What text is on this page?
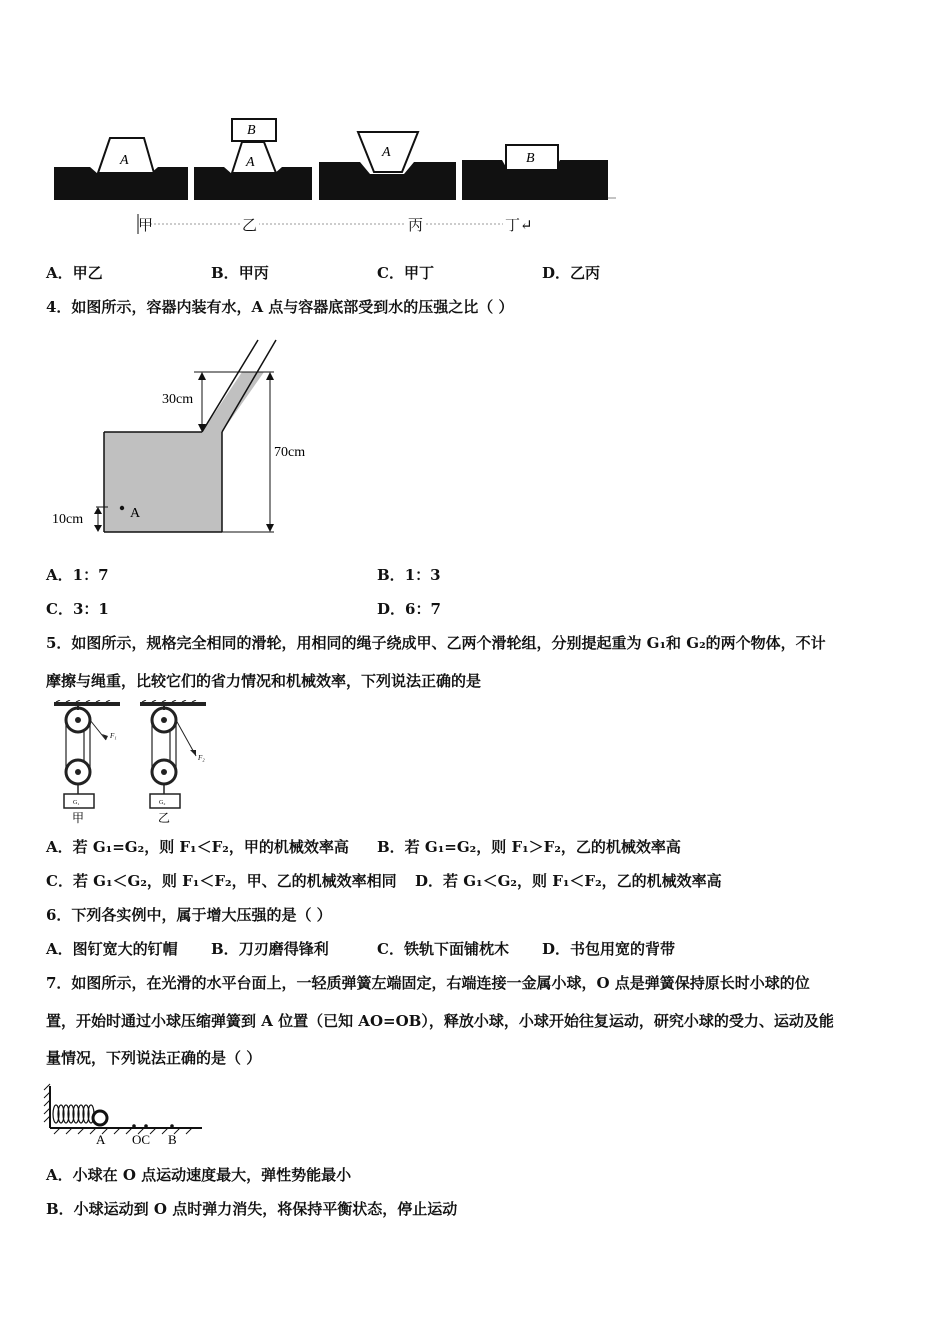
A
B
A
A	B
甲	乙	丙	丁↵
A．甲乙	B．甲丙	C．甲丁	D．乙丙
4．如图所示，容器内装有水，A 点与容器底部受到水的压强之比（ ）
30cm
70cm
10cm	A
A．1：7	B．1：3
C．3：1	D．6：7
5．如图所示，规格完全相同的滑轮，用相同的绳子绕成甲、乙两个滑轮组，分别提起重为 G₁和 G₂的两个物体，不计
摩擦与绳重，比较它们的省力情况和机械效率，下列说法正确的是
F₁
F₂
G₁	G₂
甲	乙
A．若 G₁=G₂，则 F₁＜F₂，甲的机械效率高 B．若 G₁=G₂，则 F₁＞F₂，乙的机械效率高
C．若 G₁＜G₂，则 F₁＜F₂，甲、乙的机械效率相同 D．若 G₁＜G₂，则 F₁＜F₂，乙的机械效率高
6．下列各实例中，属于增大压强的是（ ）
A．图钉宽大的钉帽 B．刀刃磨得锋利	C．铁轨下面铺枕木 D．书包用宽的背带
7．如图所示，在光滑的水平台面上，一轻质弹簧左端固定，右端连接一金属小球，O 点是弹簧保持原长时小球的位
置，开始时通过小球压缩弹簧到 A 位置（已知 AO=OB），释放小球，小球开始往复运动，研究小球的受力、运动及能
量情况，下列说法正确的是（ ）
A OC B
A．小球在 O 点运动速度最大，弹性势能最小
B．小球运动到 O 点时弹力消失，将保持平衡状态，停止运动
